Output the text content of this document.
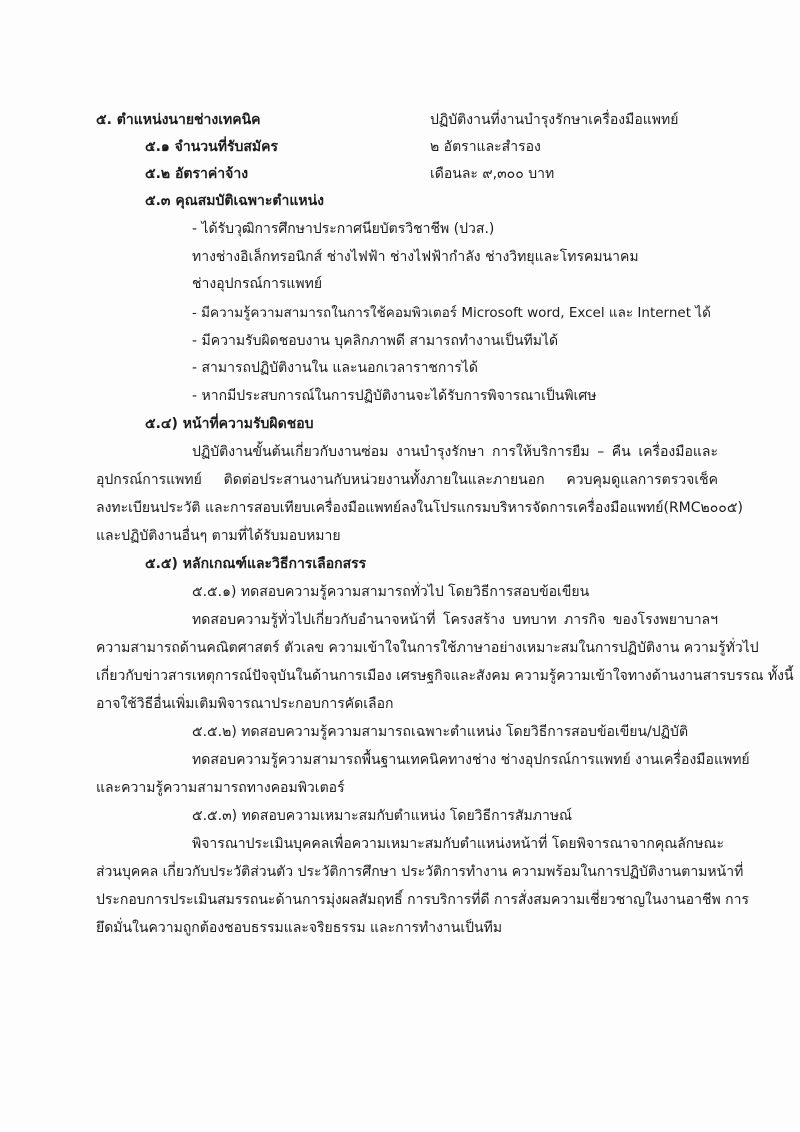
๕. ตำแหน่งนายช่างเทคนิค	ปฏิบัติงานที่งานบำรุงรักษาเครื่องมือแพทย์
๕.๑ จำนวนที่รับสมัคร	๒ อัตราและสำรอง
๕.๒ อัตราค่าจ้าง	เดือนละ ๙,๓๐๐ บาท
๕.๓ คุณสมบัติเฉพาะตำแหน่ง
- ได้รับวุฒิการศึกษาประกาศนียบัตรวิชาชีพ (ปวส.)
ทางช่างอิเล็กทรอนิกส์ ช่างไฟฟ้า ช่างไฟฟ้ากำลัง ช่างวิทยุและโทรคมนาคม
ช่างอุปกรณ์การแพทย์
- มีความรู้ความสามารถในการใช้คอมพิวเตอร์ Microsoft word, Excel และ Internet ได้
- มีความรับผิดชอบงาน บุคลิกภาพดี สามารถทำงานเป็นทีมได้
- สามารถปฏิบัติงานใน และนอกเวลาราชการได้
- หากมีประสบการณ์ในการปฏิบัติงานจะได้รับการพิจารณาเป็นพิเศษ
๕.๔) หน้าที่ความรับผิดชอบ
ปฏิบัติงานขั้นต้นเกี่ยวกับงานซ่อม งานบำรุงรักษา การให้บริการยืม – คืน เครื่องมือและ
อุปกรณ์การแพทย์ ติดต่อประสานงานกับหน่วยงานทั้งภายในและภายนอก ควบคุมดูแลการตรวจเช็ค
ลงทะเบียนประวัติ และการสอบเทียบเครื่องมือแพทย์ลงในโปรแกรมบริหารจัดการเครื่องมือแพทย์(RMC๒๐๐๕)
และปฏิบัติงานอื่นๆ ตามที่ได้รับมอบหมาย
๕.๕) หลักเกณฑ์และวิธีการเลือกสรร
๕.๕.๑) ทดสอบความรู้ความสามารถทั่วไป โดยวิธีการสอบข้อเขียน
ทดสอบความรู้ทั่วไปเกี่ยวกับอำนาจหน้าที่ โครงสร้าง บทบาท ภารกิจ ของโรงพยาบาลฯ
ความสามารถด้านคณิตศาสตร์ ตัวเลข ความเข้าใจในการใช้ภาษาอย่างเหมาะสมในการปฏิบัติงาน ความรู้ทั่วไป
เกี่ยวกับข่าวสารเหตุการณ์ปัจจุบันในด้านการเมือง เศรษฐกิจและสังคม ความรู้ความเข้าใจทางด้านงานสารบรรณ ทั้งนี้
อาจใช้วิธีอื่นเพิ่มเติมพิจารณาประกอบการคัดเลือก
๕.๕.๒) ทดสอบความรู้ความสามารถเฉพาะตำแหน่ง โดยวิธีการสอบข้อเขียน/ปฏิบัติ
ทดสอบความรู้ความสามารถพื้นฐานเทคนิคทางช่าง ช่างอุปกรณ์การแพทย์ งานเครื่องมือแพทย์
และความรู้ความสามารถทางคอมพิวเตอร์
๕.๕.๓) ทดสอบความเหมาะสมกับตำแหน่ง โดยวิธีการสัมภาษณ์
พิจารณาประเมินบุคคลเพื่อความเหมาะสมกับตำแหน่งหน้าที่ โดยพิจารณาจากคุณลักษณะ
ส่วนบุคคล เกี่ยวกับประวัติส่วนตัว ประวัติการศึกษา ประวัติการทำงาน ความพร้อมในการปฏิบัติงานตามหน้าที่
ประกอบการประเมินสมรรถนะด้านการมุ่งผลสัมฤทธิ์ การบริการที่ดี การสั่งสมความเชี่ยวชาญในงานอาชีพ การ
ยึดมั่นในความถูกต้องชอบธรรมและจริยธรรม และการทำงานเป็นทีม
